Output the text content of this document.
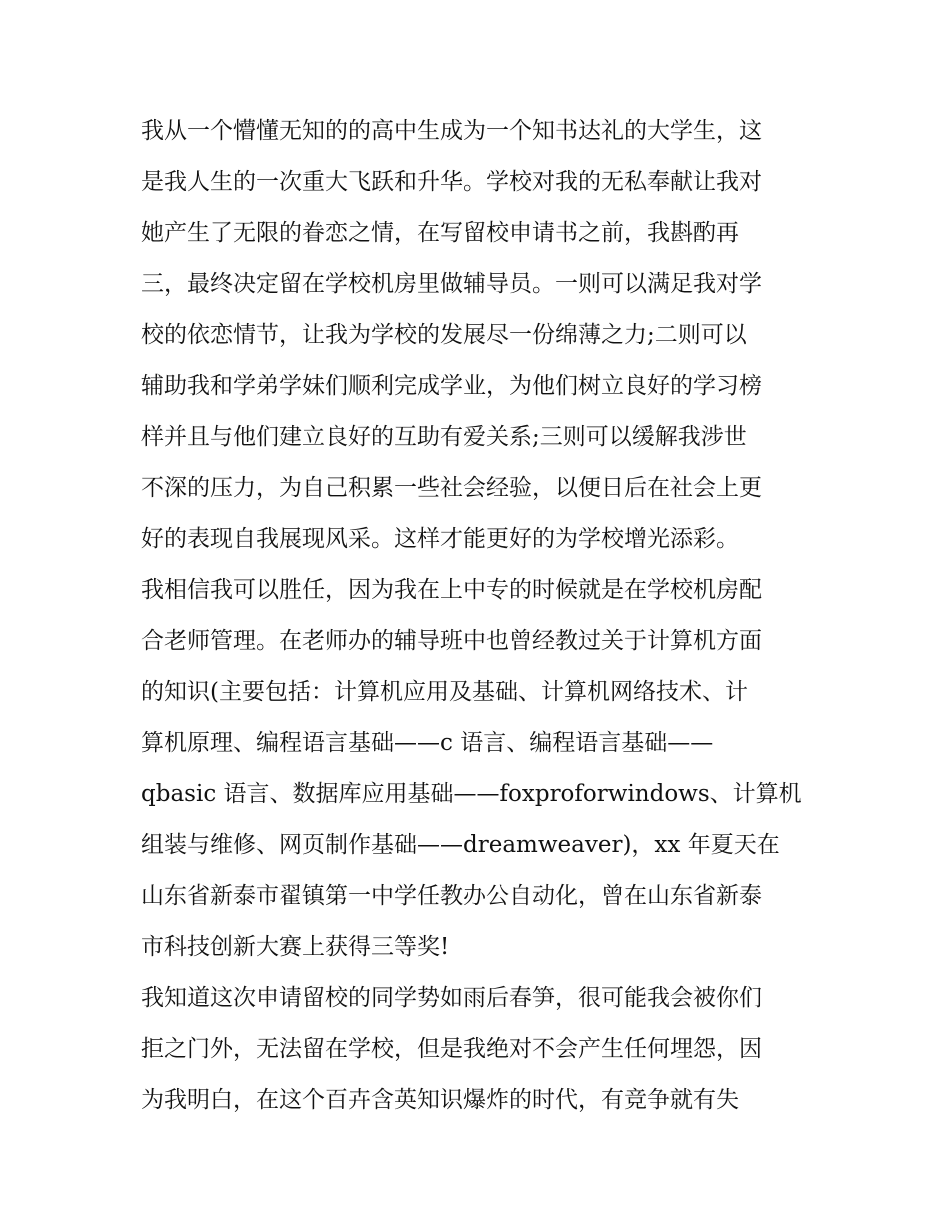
我从一个懵懂无知的的高中生成为一个知书达礼的大学生，这
是我人生的一次重大飞跃和升华。学校对我的无私奉献让我对
她产生了无限的眷恋之情，在写留校申请书之前，我斟酌再
三，最终决定留在学校机房里做辅导员。一则可以满足我对学
校的依恋情节，让我为学校的发展尽一份绵薄之力;二则可以
辅助我和学弟学妹们顺利完成学业，为他们树立良好的学习榜
样并且与他们建立良好的互助有爱关系;三则可以缓解我涉世
不深的压力，为自己积累一些社会经验，以便日后在社会上更
好的表现自我展现风采。这样才能更好的为学校增光添彩。
我相信我可以胜任，因为我在上中专的时候就是在学校机房配
合老师管理。在老师办的辅导班中也曾经教过关于计算机方面
的知识(主要包括：计算机应用及基础、计算机网络技术、计
算机原理、编程语言基础——c 语言、编程语言基础——
qbasic 语言、数据库应用基础——foxproforwindows、计算机
组装与维修、网页制作基础——dreamweaver)，xx 年夏天在
山东省新泰市翟镇第一中学任教办公自动化，曾在山东省新泰
市科技创新大赛上获得三等奖!
我知道这次申请留校的同学势如雨后春笋，很可能我会被你们
拒之门外，无法留在学校，但是我绝对不会产生任何埋怨，因
为我明白，在这个百卉含英知识爆炸的时代，有竞争就有失
